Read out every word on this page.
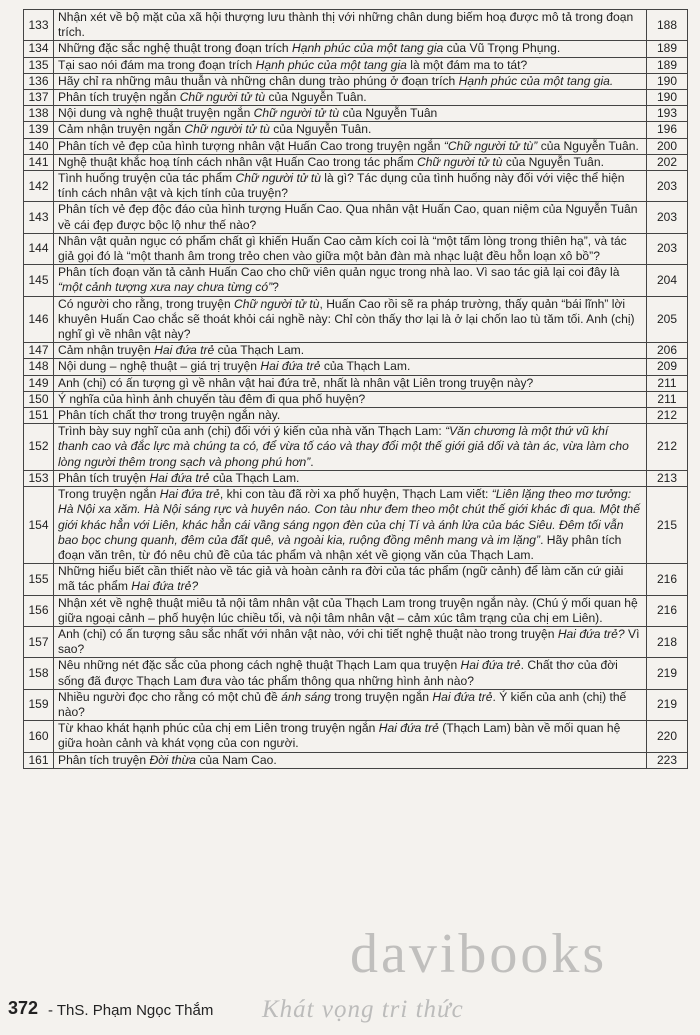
133	Nhận xét về bộ mặt của xã hội thượng lưu thành thị với những chân dung biếm hoạ được mô tả trong đoạn trích.	188
134	Những đặc sắc nghệ thuật trong đoạn trích Hạnh phúc của một tang gia của Vũ Trọng Phụng.	189
135	Tại sao nói đám ma trong đoạn trích Hạnh phúc của một tang gia là một đám ma to tát?	189
136	Hãy chỉ ra những mâu thuẫn và những chân dung trào phúng ở đoạn trích Hạnh phúc của một tang gia.	190
137	Phân tích truyện ngắn Chữ người tử tù của Nguyễn Tuân.	190
138	Nội dung và nghệ thuật truyện ngắn Chữ người tử tù của Nguyễn Tuân	193
139	Cảm nhận truyện ngắn Chữ người tử tù của Nguyễn Tuân.	196
140	Phân tích vẻ đẹp của hình tượng nhân vật Huấn Cao trong truyện ngắn “Chữ người tử tù” của Nguyễn Tuân.	200
141	Nghệ thuật khắc hoạ tính cách nhân vật Huấn Cao trong tác phẩm Chữ người tử tù của Nguyễn Tuân.	202
142	Tình huống truyện của tác phẩm Chữ người tử tù là gì? Tác dụng của tình huống này đối với việc thể hiện tính cách nhân vật và kịch tính của truyện?	203
143	Phân tích vẻ đẹp độc đáo của hình tượng Huấn Cao. Qua nhân vật Huấn Cao, quan niệm của Nguyễn Tuân về cái đẹp được bộc lộ như thế nào?	203
144	Nhân vật quản ngục có phẩm chất gì khiến Huấn Cao cảm kích coi là “một tấm lòng trong thiên hạ”, và tác giả gọi đó là “một thanh âm trong trẻo chen vào giữa một bản đàn mà nhạc luật đều hỗn loạn xô bồ”?	203
145	Phân tích đoạn văn tả cảnh Huấn Cao cho chữ viên quản ngục trong nhà lao. Vì sao tác giả lại coi đây là “một cảnh tượng xưa nay chưa từng có”?	204
146	Có người cho rằng, trong truyện Chữ người tử tù, Huấn Cao rồi sẽ ra pháp trường, thấy quản “bái lĩnh” lời khuyên Huấn Cao chắc sẽ thoát khỏi cái nghề này: Chỉ còn thấy thơ lại là ở lại chốn lao tù tăm tối. Anh (chị) nghĩ gì về nhân vật này?	205
147	Cảm nhận truyện Hai đứa trẻ của Thạch Lam.	206
148	Nội dung – nghệ thuật – giá trị truyện Hai đứa trẻ của Thạch Lam.	209
149	Anh (chị) có ấn tượng gì về nhân vật hai đứa trẻ, nhất là nhân vật Liên trong truyện này?	211
150	Ý nghĩa của hình ảnh chuyến tàu đêm đi qua phố huyện?	211
151	Phân tích chất thơ trong truyện ngắn này.	212
152	Trình bày suy nghĩ của anh (chị) đối với ý kiến của nhà văn Thạch Lam: “Văn chương là một thứ vũ khí thanh cao và đắc lực mà chúng ta có, để vừa tố cáo và thay đổi một thế giới giả dối và tàn ác, vừa làm cho lòng người thêm trong sạch và phong phú hơn”.	212
153	Phân tích truyện Hai đứa trẻ của Thạch Lam.	213
154	Trong truyện ngắn Hai đứa trẻ, khi con tàu đã rời xa phố huyện, Thạch Lam viết: “Liên lặng theo mơ tưởng: Hà Nội xa xăm. Hà Nội sáng rực và huyên náo. Con tàu như đem theo một chút thế giới khác đi qua. Một thế giới khác hẳn với Liên, khác hẳn cái vầng sáng ngọn đèn của chị Tí và ánh lửa của bác Siêu. Đêm tối vẫn bao bọc chung quanh, đêm của đất quê, và ngoài kia, ruộng đồng mênh mang và im lặng”. Hãy phân tích đoạn văn trên, từ đó nêu chủ đề của tác phẩm và nhận xét về giọng văn của Thạch Lam.	215
155	Những hiểu biết cần thiết nào về tác giả và hoàn cảnh ra đời của tác phẩm (ngữ cảnh) để làm căn cứ giải mã tác phẩm Hai đứa trẻ?	216
156	Nhận xét về nghệ thuật miêu tả nội tâm nhân vật của Thạch Lam trong truyện ngắn này. (Chú ý mối quan hệ giữa ngoại cảnh – phố huyện lúc chiều tối, và nội tâm nhân vật – cảm xúc tâm trạng của chị em Liên).	216
157	Anh (chị) có ấn tượng sâu sắc nhất với nhân vật nào, với chi tiết nghệ thuật nào trong truyện Hai đứa trẻ? Vì sao?	218
158	Nêu những nét đặc sắc của phong cách nghệ thuật Thạch Lam qua truyện Hai đứa trẻ. Chất thơ của đời sống đã được Thạch Lam đưa vào tác phẩm thông qua những hình ảnh nào?	219
159	Nhiều người đọc cho rằng có một chủ đề ánh sáng trong truyện ngắn Hai đứa trẻ. Ý kiến của anh (chị) thế nào?	219
160	Từ khao khát hạnh phúc của chị em Liên trong truyện ngắn Hai đứa trẻ (Thạch Lam) bàn về mối quan hệ giữa hoàn cảnh và khát vọng của con người.	220
161	Phân tích truyện Đời thừa của Nam Cao.	223
davibooks
372 - ThS. Phạm Ngọc Thắm Khát vọng tri thức
